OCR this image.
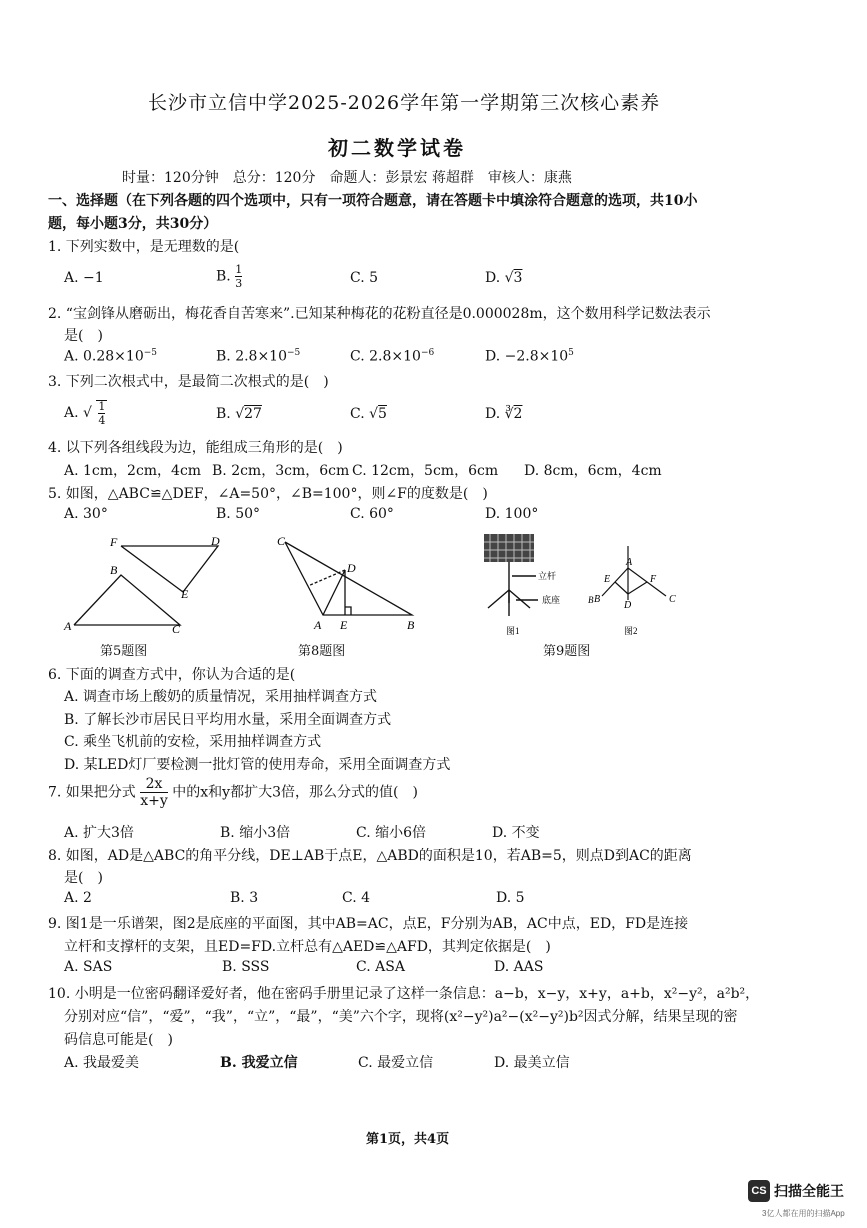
长沙市立信中学2025-2026学年第一学期第三次核心素养
初二数学试卷
时量：120分钟　总分：120分　命题人：彭景宏 蒋超群　审核人：康燕
一、选择题（在下列各题的四个选项中，只有一项符合题意，请在答题卡中填涂符合题意的选项，共10小
题，每小题3分，共30分）
1. 下列实数中，是无理数的是(
A. −1	B. $\frac{1}{3}$	C. 5	D. √3
2. “宝剑锋从磨砺出，梅花香自苦寒来”.已知某种梅花的花粉直径是0.000028m，这个数用科学记数法表示
是(　)
A. $0.28\times 10^{-5}$	B. $2.8\times 10^{-5}$	C. $2.8\times 10^{-6}$	D. $-2.8\times 10^5$
3. 下列二次根式中，是最简二次根式的是(　)
A. √ $\frac{1}{4}$	B. √27	C. √5	D. ∛2
4. 以下列各组线段为边，能组成三角形的是(　)
A. 1cm，2cm，4cm B. 2cm，3cm，6cm C. 12cm，5cm，6cm D. 8cm，6cm，4cm
5. 如图，△ABC≌△DEF，∠A=50°，∠B=100°，则∠F的度数是(　)
A. 30°	B. 50°	C. 60°	D. 100°
F	D
B
E
A	C
第5题图
C
D
A E	B
第8题图
立杆
底座	B
A
E	F
D
B	C
图1	图2
第9题图
6. 下面的调查方式中，你认为合适的是(
A. 调查市场上酸奶的质量情况，采用抽样调查方式
B. 了解长沙市居民日平均用水量，采用全面调查方式
C. 乘坐飞机前的安检，采用抽样调查方式
D. 某LED灯厂要检测一批灯管的使用寿命，采用全面调查方式
7. 如果把分式 $\frac{2x}{x+y}$ 中的x和y都扩大3倍，那么分式的值(　)
A. 扩大3倍	B. 缩小3倍	C. 缩小6倍	D. 不变
8. 如图，AD是△ABC的角平分线，DE⊥AB于点E，△ABD的面积是10，若AB=5，则点D到AC的距离
是(　)
A. 2	B. 3	C. 4	D. 5
9. 图1是一乐谱架，图2是底座的平面图，其中AB=AC，点E，F分别为AB，AC中点，ED，FD是连接
立杆和支撑杆的支架，且ED=FD.立杆总有△AED≌△AFD，其判定依据是(　)
A. SAS	B. SSS	C. ASA	D. AAS
10. 小明是一位密码翻译爱好者，他在密码手册里记录了这样一条信息：a−b，x−y，x+y，a+b，x²−y²，a²b²，
分别对应“信”，“爱”，“我”，“立”，“最”，“美”六个字，现将(x²−y²)a²−(x²−y²)b²因式分解，结果呈现的密
码信息可能是(　)
A. 我最爱美	B. 我爱立信	C. 最爱立信	D. 最美立信
第1页，共4页
CS 扫描全能王
3亿人都在用的扫描App
